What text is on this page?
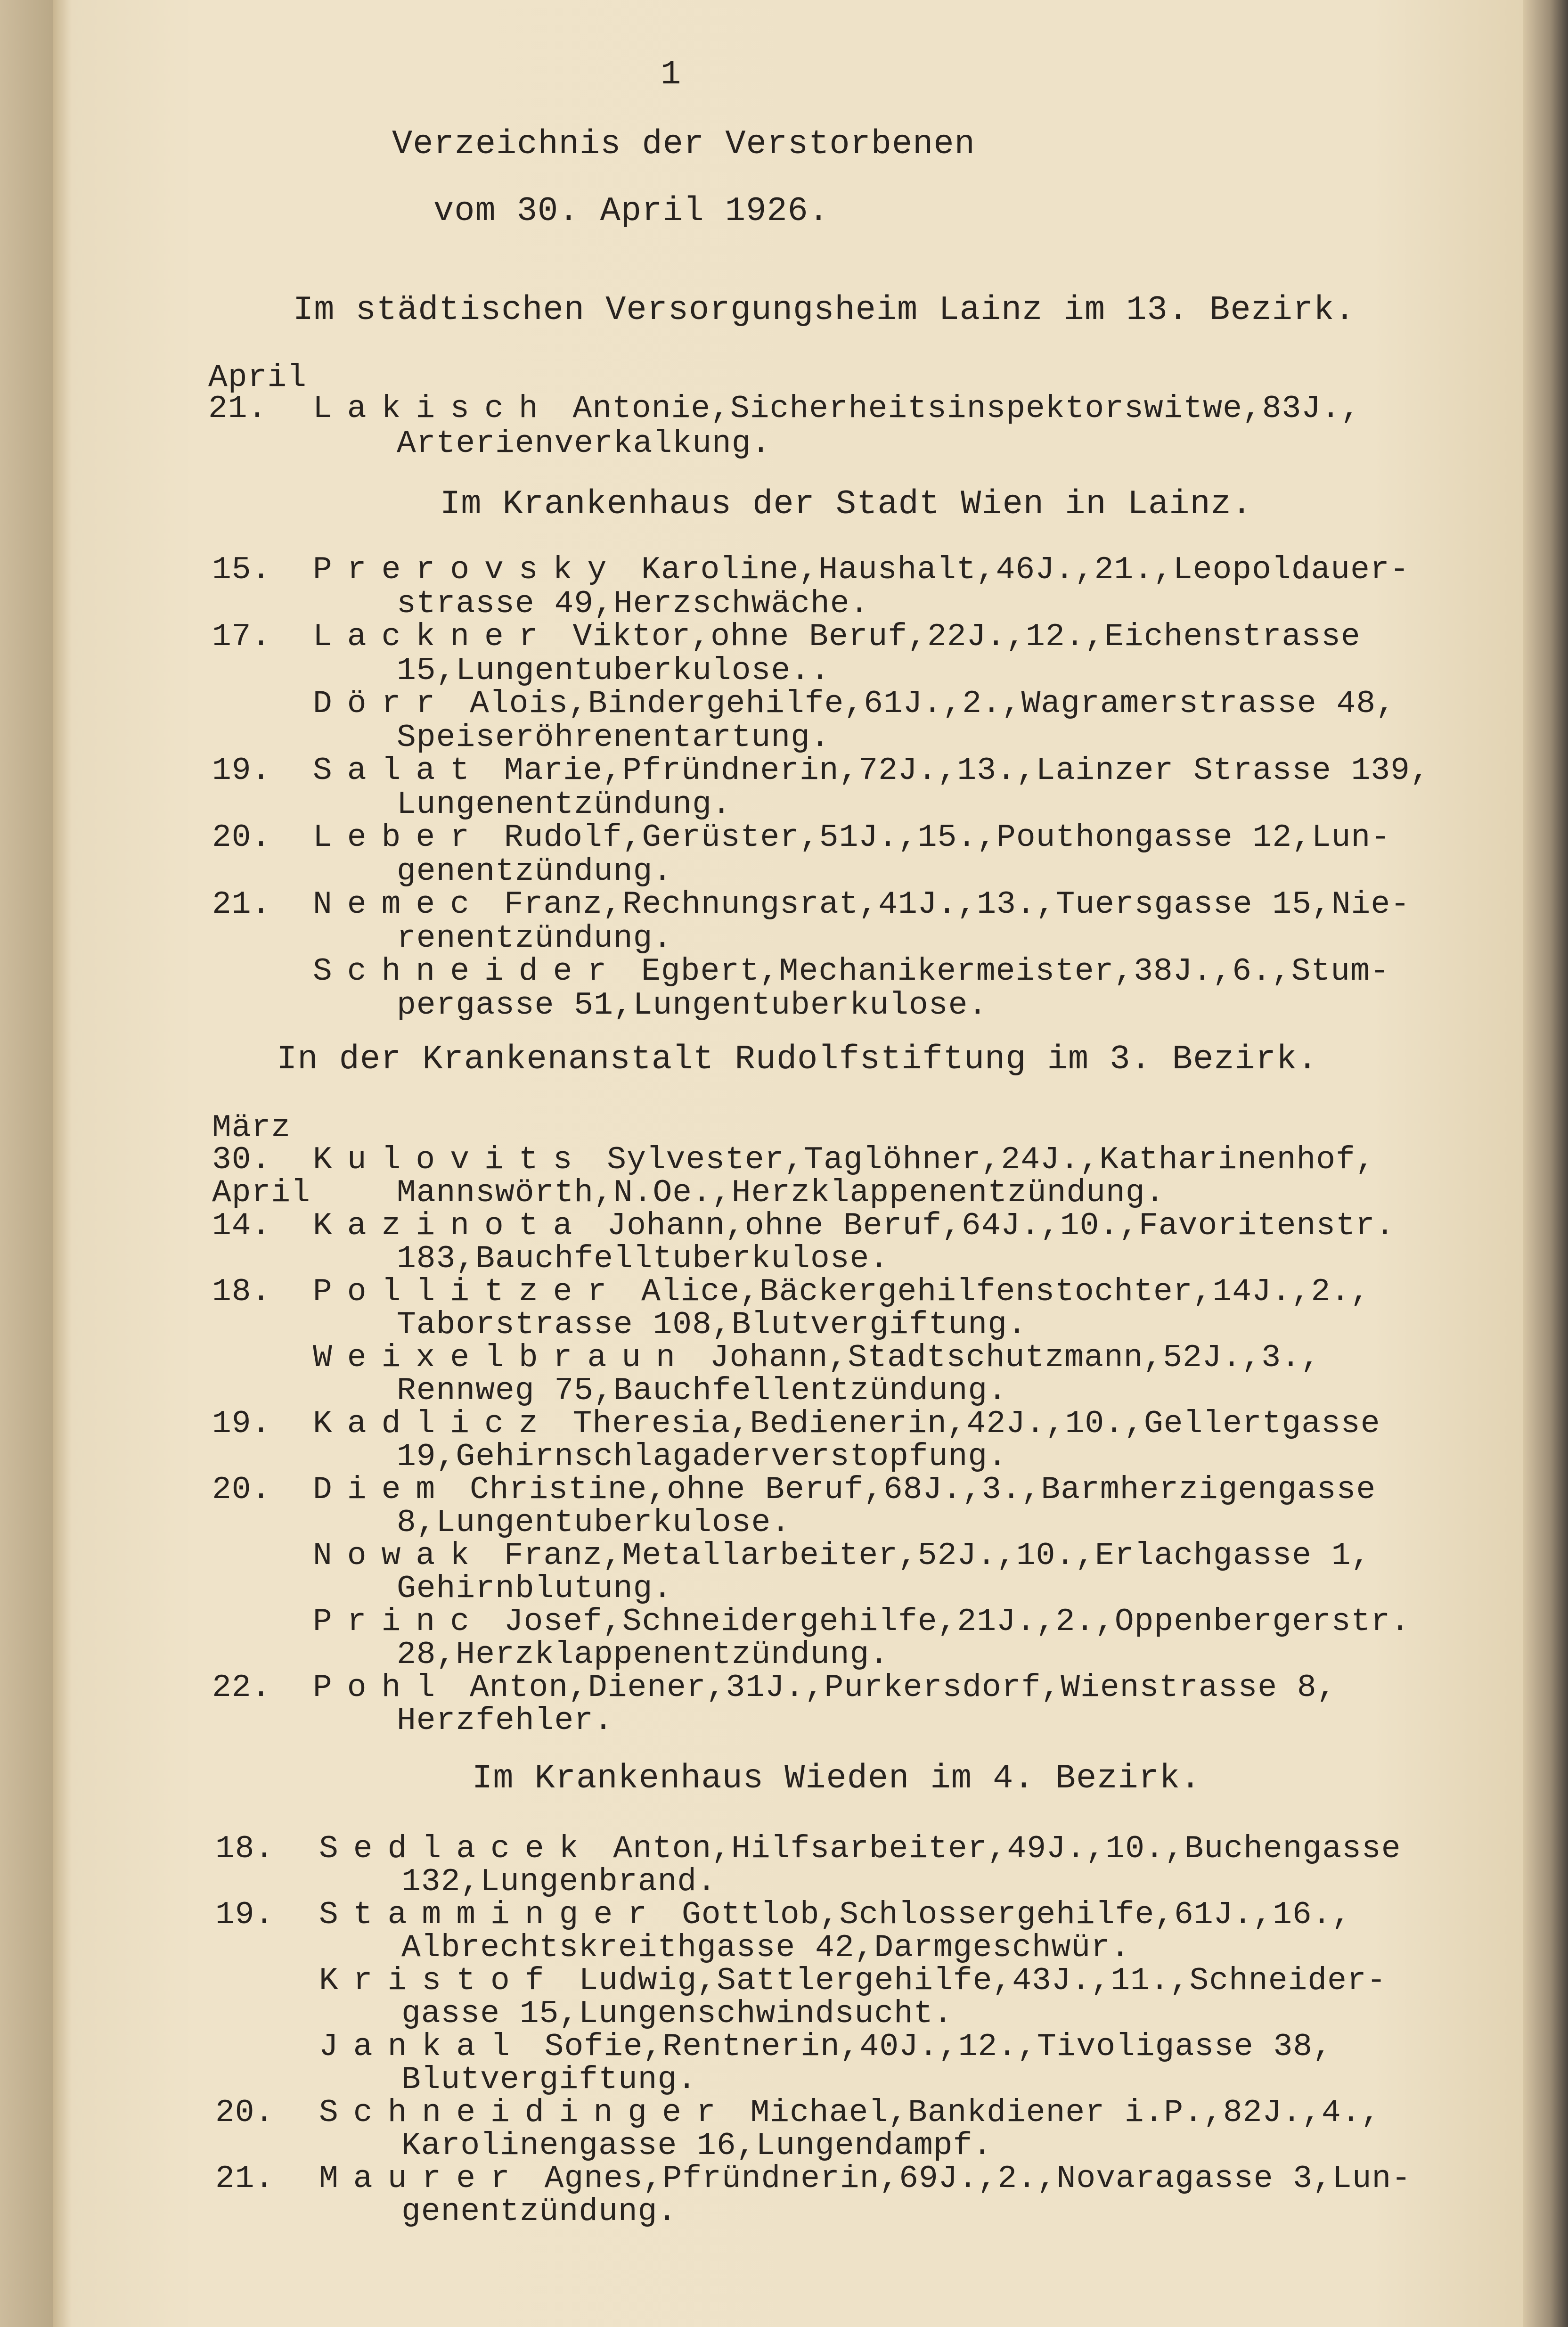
1
Verzeichnis der Verstorbenen
vom 30. April 1926.
Im städtischen Versorgungsheim Lainz im 13. Bezirk.
April
21. Lakisch Antonie,Sicherheitsinspektorswitwe,83J.,
Arterienverkalkung.
Im Krankenhaus der Stadt Wien in Lainz.
15. Prerovsky Karoline,Haushalt,46J.,21.,Leopoldauer-
strasse 49,Herzschwäche.
17. Lackner Viktor,ohne Beruf,22J.,12.,Eichenstrasse
15,Lungentuberkulose..
Dörr Alois,Bindergehilfe,61J.,2.,Wagramerstrasse 48,
Speiseröhrenentartung.
19. Salat Marie,Pfründnerin,72J.,13.,Lainzer Strasse 139,
Lungenentzündung.
20. Leber Rudolf,Gerüster,51J.,15.,Pouthongasse 12,Lun-
genentzündung.
21. Nemec Franz,Rechnungsrat,41J.,13.,Tuersgasse 15,Nie-
renentzündung.
Schneider Egbert,Mechanikermeister,38J.,6.,Stum-
pergasse 51,Lungentuberkulose.
In der Krankenanstalt Rudolfstiftung im 3. Bezirk.
März
30. Kulovits Sylvester,Taglöhner,24J.,Katharinenhof,
April	Mannswörth,N.Oe.,Herzklappenentzündung.
14. Kazinota Johann,ohne Beruf,64J.,10.,Favoritenstr.
183,Bauchfelltuberkulose.
18. Pollitzer Alice,Bäckergehilfenstochter,14J.,2.,
Taborstrasse 108,Blutvergiftung.
Weixelbraun Johann,Stadtschutzmann,52J.,3.,
Rennweg 75,Bauchfellentzündung.
19. Kadlicz Theresia,Bedienerin,42J.,10.,Gellertgasse
19,Gehirnschlagaderverstopfung.
20. Diem Christine,ohne Beruf,68J.,3.,Barmherzigengasse
8,Lungentuberkulose.
Nowak Franz,Metallarbeiter,52J.,10.,Erlachgasse 1,
Gehirnblutung.
Princ Josef,Schneidergehilfe,21J.,2.,Oppenbergerstr.
28,Herzklappenentzündung.
22. Pohl Anton,Diener,31J.,Purkersdorf,Wienstrasse 8,
Herzfehler.
Im Krankenhaus Wieden im 4. Bezirk.
18. Sedlacek Anton,Hilfsarbeiter,49J.,10.,Buchengasse
132,Lungenbrand.
19. Stamminger Gottlob,Schlossergehilfe,61J.,16.,
Albrechtskreithgasse 42,Darmgeschwür.
Kristof Ludwig,Sattlergehilfe,43J.,11.,Schneider-
gasse 15,Lungenschwindsucht.
Jankal Sofie,Rentnerin,40J.,12.,Tivoligasse 38,
Blutvergiftung.
20. Schneidinger Michael,Bankdiener i.P.,82J.,4.,
Karolinengasse 16,Lungendampf.
21. Maurer Agnes,Pfründnerin,69J.,2.,Novaragasse 3,Lun-
genentzündung.
